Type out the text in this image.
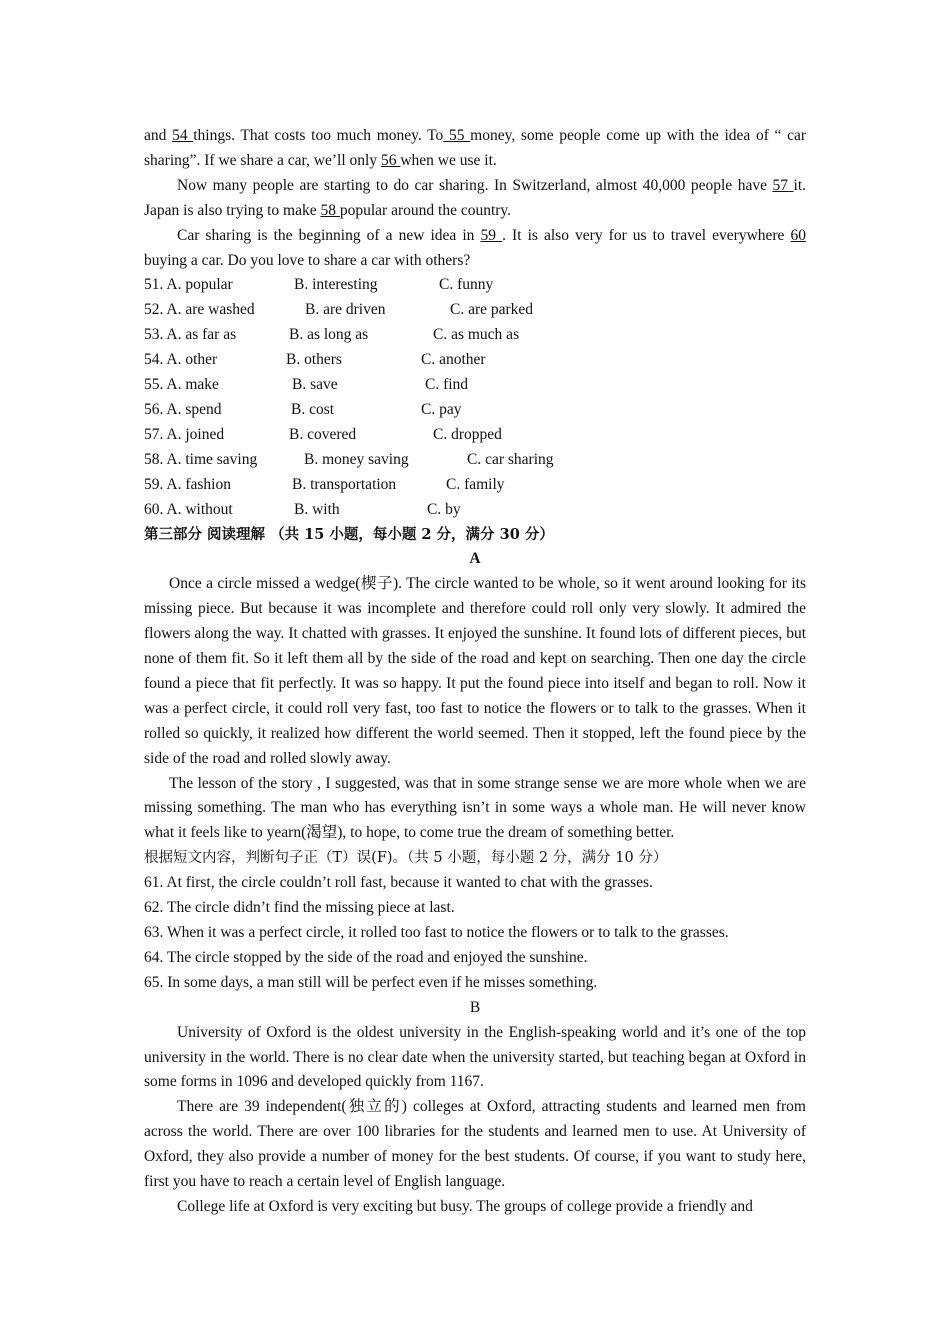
and 54 things. That costs too much money. To 55 money, some people come up with the idea of “ car sharing”. If we share a car, we’ll only 56 when we use it.

Now many people are starting to do car sharing. In Switzerland, almost 40,000 people have 57 it. Japan is also trying to make 58 popular around the country.

Car sharing is the beginning of a new idea in 59 . It is also very for us to travel everywhere 60 buying a car. Do you love to share a car with others?

51. A. popular	B. interesting	C. funny

52. A. are washed	B. are driven	C. are parked

53. A. as far as	B. as long as	C. as much as

54. A. other	B. others	C. another

55. A. make	B. save	C. find

56. A. spend	B. cost	C. pay

57. A. joined	B. covered	C. dropped

58. A. time saving	B. money saving	C. car sharing

59. A. fashion	B. transportation	C. family

60. A. without	B. with	C. by

第三部分 阅读理解 （共 15 小题，每小题 2 分，满分 30 分）

A

Once a circle missed a wedge(楔子). The circle wanted to be whole, so it went around looking for its missing piece. But because it was incomplete and therefore could roll only very slowly. It admired the flowers along the way. It chatted with grasses. It enjoyed the sunshine. It found lots of different pieces, but none of them fit. So it left them all by the side of the road and kept on searching. Then one day the circle found a piece that fit perfectly. It was so happy. It put the found piece into itself and began to roll. Now it was a perfect circle, it could roll very fast, too fast to notice the flowers or to talk to the grasses. When it rolled so quickly, it realized how different the world seemed. Then it stopped, left the found piece by the side of the road and rolled slowly away.

The lesson of the story , I suggested, was that in some strange sense we are more whole when we are missing something. The man who has everything isn’t in some ways a whole man. He will never know what it feels like to yearn(渴望), to hope, to come true the dream of something better.

根据短文内容，判断句子正（T）误(F)。（共 5 小题，每小题 2 分，满分 10 分）

61. At first, the circle couldn’t roll fast, because it wanted to chat with the grasses.

62. The circle didn’t find the missing piece at last.

63. When it was a perfect circle, it rolled too fast to notice the flowers or to talk to the grasses.

64. The circle stopped by the side of the road and enjoyed the sunshine.

65. In some days, a man still will be perfect even if he misses something.

B

University of Oxford is the oldest university in the English-speaking world and it’s one of the top university in the world. There is no clear date when the university started, but teaching began at Oxford in some forms in 1096 and developed quickly from 1167.

There are 39 independent(独立的) colleges at Oxford, attracting students and learned men from across the world. There are over 100 libraries for the students and learned men to use. At University of Oxford, they also provide a number of money for the best students. Of course, if you want to study here, first you have to reach a certain level of English language.

College life at Oxford is very exciting but busy. The groups of college provide a friendly and
